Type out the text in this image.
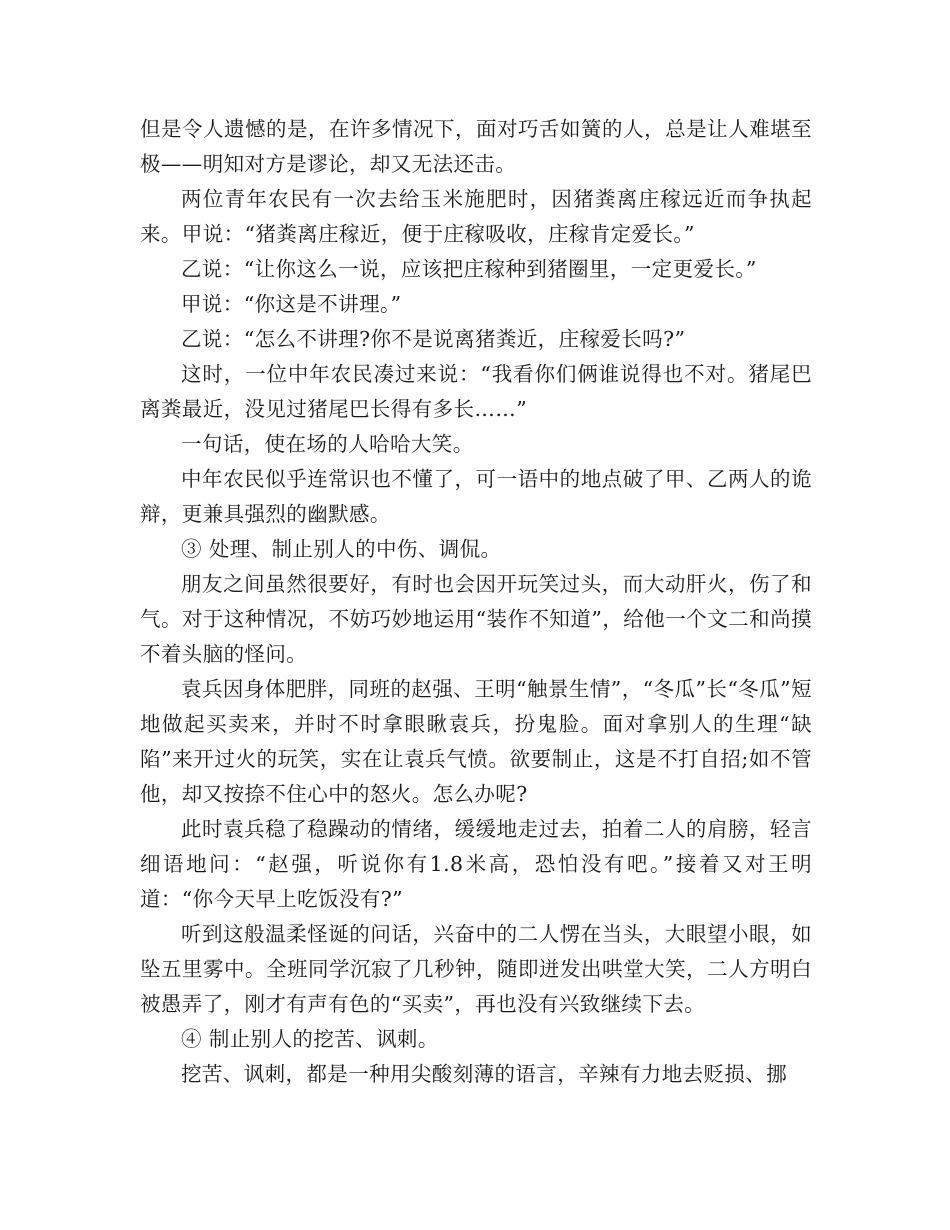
但是令人遗憾的是，在许多情况下，面对巧舌如簧的人，总是让人难堪至极——明知对方是谬论，却又无法还击。

两位青年农民有一次去给玉米施肥时，因猪粪离庄稼远近而争执起来。甲说：“猪粪离庄稼近，便于庄稼吸收，庄稼肯定爱长。”

乙说：“让你这么一说，应该把庄稼种到猪圈里，一定更爱长。”

甲说：“你这是不讲理。”

乙说：“怎么不讲理?你不是说离猪粪近，庄稼爱长吗?”

这时，一位中年农民凑过来说：“我看你们俩谁说得也不对。猪尾巴离粪最近，没见过猪尾巴长得有多长……”

一句话，使在场的人哈哈大笑。

中年农民似乎连常识也不懂了，可一语中的地点破了甲、乙两人的诡辩，更兼具强烈的幽默感。

③ 处理、制止别人的中伤、调侃。

朋友之间虽然很要好，有时也会因开玩笑过头，而大动肝火，伤了和气。对于这种情况，不妨巧妙地运用“装作不知道”，给他一个文二和尚摸不着头脑的怪问。

袁兵因身体肥胖，同班的赵强、王明“触景生情”，“冬瓜”长“冬瓜”短地做起买卖来，并时不时拿眼瞅袁兵，扮鬼脸。面对拿别人的生理“缺陷”来开过火的玩笑，实在让袁兵气愤。欲要制止，这是不打自招;如不管他，却又按捺不住心中的怒火。怎么办呢?

此时袁兵稳了稳躁动的情绪，缓缓地走过去，拍着二人的肩膀，轻言细语地问：“赵强，听说你有1.8米高，恐怕没有吧。”接着又对王明道：“你今天早上吃饭没有?”

听到这般温柔怪诞的问话，兴奋中的二人愣在当头，大眼望小眼，如坠五里雾中。全班同学沉寂了几秒钟，随即迸发出哄堂大笑，二人方明白被愚弄了，刚才有声有色的“买卖”，再也没有兴致继续下去。

④ 制止别人的挖苦、讽刺。

挖苦、讽刺，都是一种用尖酸刻薄的语言，辛辣有力地去贬损、挪
